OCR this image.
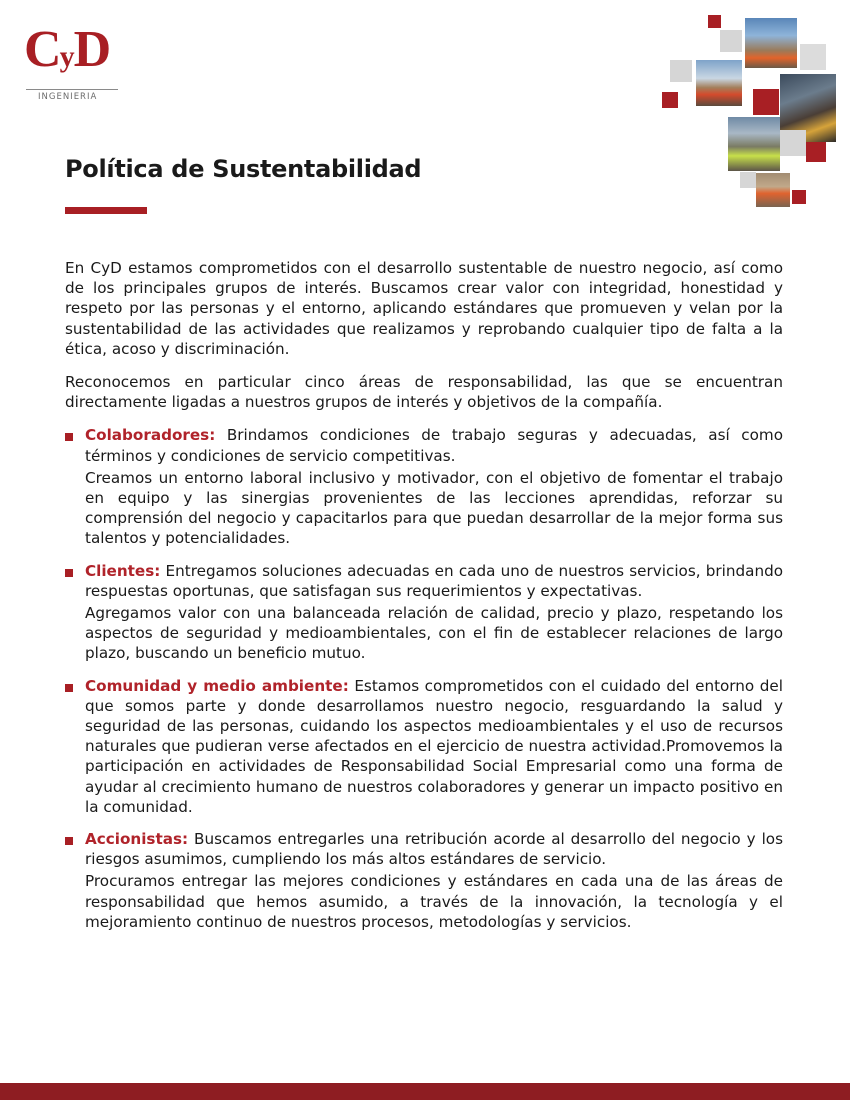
CyD
INGENIERIA
Política de Sustentabilidad

En CyD estamos comprometidos con el desarrollo sustentable de nuestro negocio, así como de los principales grupos de interés. Buscamos crear valor con integridad, honestidad y respeto por las personas y el entorno, aplicando estándares que promueven y velan por la sustentabilidad de las actividades que realizamos y reprobando cualquier tipo de falta a la ética, acoso y discriminación.

Reconocemos en particular cinco áreas de responsabilidad, las que se encuentran directamente ligadas a nuestros grupos de interés y objetivos de la compañía.

Colaboradores: Brindamos condiciones de trabajo seguras y adecuadas, así como términos y condiciones de servicio competitivas.

Creamos un entorno laboral inclusivo y motivador, con el objetivo de fomentar el trabajo en equipo y las sinergias provenientes de las lecciones aprendidas, reforzar su comprensión del negocio y capacitarlos para que puedan desarrollar de la mejor forma sus talentos y potencialidades.

Clientes: Entregamos soluciones adecuadas en cada uno de nuestros servicios, brindando respuestas oportunas, que satisfagan sus requerimientos y expectativas.

Agregamos valor con una balanceada relación de calidad, precio y plazo, respetando los aspectos de seguridad y medioambientales, con el fin de establecer relaciones de largo plazo, buscando un beneficio mutuo.

Comunidad y medio ambiente: Estamos comprometidos con el cuidado del entorno del que somos parte y donde desarrollamos nuestro negocio, resguardando la salud y seguridad de las personas, cuidando los aspectos medioambientales y el uso de recursos naturales que pudieran verse afectados en el ejercicio de nuestra actividad.Promovemos la participación en actividades de Responsabilidad Social Empresarial como una forma de ayudar al crecimiento humano de nuestros colaboradores y generar un impacto positivo en la comunidad.

Accionistas: Buscamos entregarles una retribución acorde al desarrollo del negocio y los riesgos asumimos, cumpliendo los más altos estándares de servicio.

Procuramos entregar las mejores condiciones y estándares en cada una de las áreas de responsabilidad que hemos asumido, a través de la innovación, la tecnología y el mejoramiento continuo de nuestros procesos, metodologías y servicios.
